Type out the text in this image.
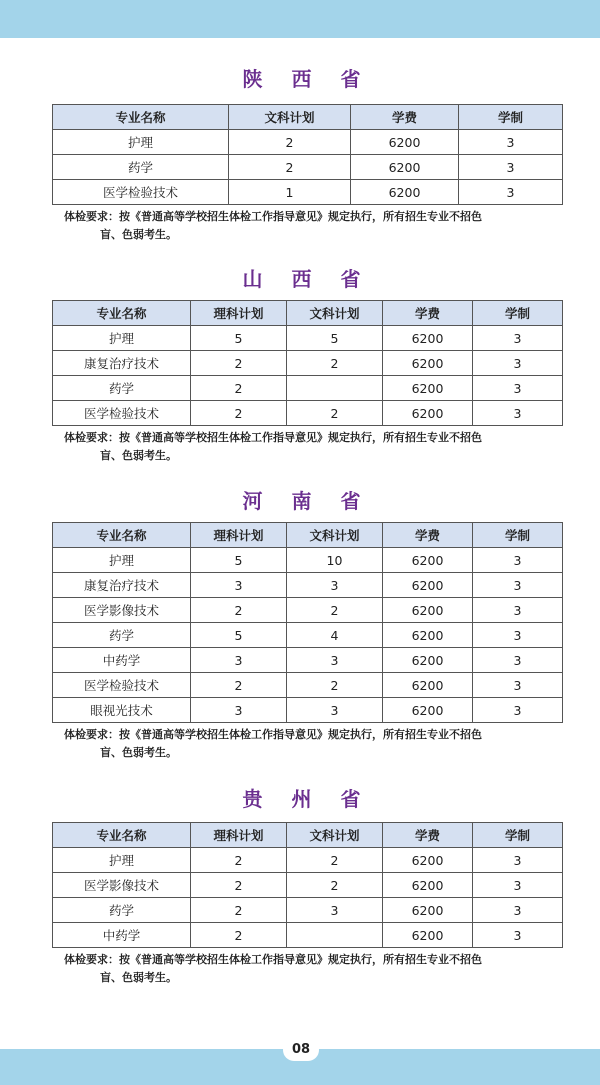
陕 西 省
专业名称	文科计划	学费	学制
护理	2	6200	3
药学	2	6200	3
医学检验技术	1	6200	3
体检要求：按《普通高等学校招生体检工作指导意见》规定执行，所有招生专业不招色
盲、色弱考生。
山 西 省
专业名称	理科计划	文科计划	学费	学制
护理	5	5	6200	3
康复治疗技术	2	2	6200	3
药学	2		6200	3
医学检验技术	2	2	6200	3
体检要求：按《普通高等学校招生体检工作指导意见》规定执行，所有招生专业不招色
盲、色弱考生。
河 南 省
专业名称	理科计划	文科计划	学费	学制
护理	5	10	6200	3
康复治疗技术	3	3	6200	3
医学影像技术	2	2	6200	3
药学	5	4	6200	3
中药学	3	3	6200	3
医学检验技术	2	2	6200	3
眼视光技术	3	3	6200	3
体检要求：按《普通高等学校招生体检工作指导意见》规定执行，所有招生专业不招色
盲、色弱考生。
贵 州 省
专业名称	理科计划	文科计划	学费	学制
护理	2	2	6200	3
医学影像技术	2	2	6200	3
药学	2	3	6200	3
中药学	2		6200	3
体检要求：按《普通高等学校招生体检工作指导意见》规定执行，所有招生专业不招色
盲、色弱考生。
08
